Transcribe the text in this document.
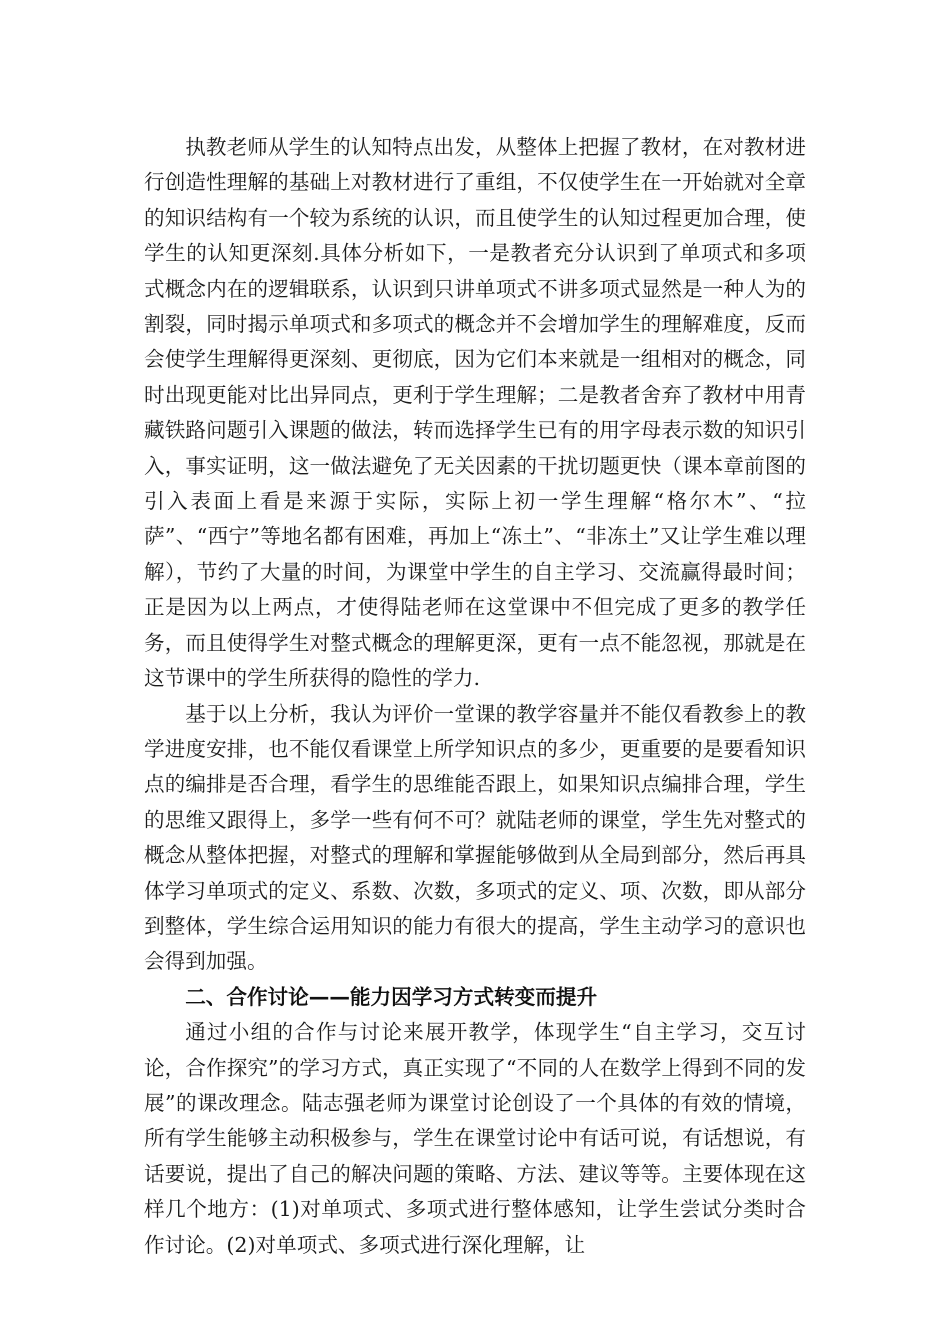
执教老师从学生的认知特点出发，从整体上把握了教材，在对教材进行创造性理解的基础上对教材进行了重组，不仅使学生在一开始就对全章的知识结构有一个较为系统的认识，而且使学生的认知过程更加合理，使学生的认知更深刻.具体分析如下，一是教者充分认识到了单项式和多项式概念内在的逻辑联系，认识到只讲单项式不讲多项式显然是一种人为的割裂，同时揭示单项式和多项式的概念并不会增加学生的理解难度，反而会使学生理解得更深刻、更彻底，因为它们本来就是一组相对的概念，同时出现更能对比出异同点，更利于学生理解；二是教者舍弃了教材中用青藏铁路问题引入课题的做法，转而选择学生已有的用字母表示数的知识引入，事实证明，这一做法避免了无关因素的干扰切题更快（课本章前图的引入表面上看是来源于实际，实际上初一学生理解“格尔木”、“拉萨”、“西宁”等地名都有困难，再加上“冻土”、“非冻土”又让学生难以理解），节约了大量的时间，为课堂中学生的自主学习、交流赢得最时间；正是因为以上两点，才使得陆老师在这堂课中不但完成了更多的教学任务，而且使得学生对整式概念的理解更深，更有一点不能忽视，那就是在这节课中的学生所获得的隐性的学力.

基于以上分析，我认为评价一堂课的教学容量并不能仅看教参上的教学进度安排，也不能仅看课堂上所学知识点的多少，更重要的是要看知识点的编排是否合理，看学生的思维能否跟上，如果知识点编排合理，学生的思维又跟得上，多学一些有何不可？就陆老师的课堂，学生先对整式的概念从整体把握，对整式的理解和掌握能够做到从全局到部分，然后再具体学习单项式的定义、系数、次数，多项式的定义、项、次数，即从部分到整体，学生综合运用知识的能力有很大的提高，学生主动学习的意识也会得到加强。

二、合作讨论——能力因学习方式转变而提升

通过小组的合作与讨论来展开教学，体现学生“自主学习，交互讨论，合作探究”的学习方式，真正实现了“不同的人在数学上得到不同的发展”的课改理念。陆志强老师为课堂讨论创设了一个具体的有效的情境，所有学生能够主动积极参与，学生在课堂讨论中有话可说，有话想说，有话要说，提出了自己的解决问题的策略、方法、建议等等。主要体现在这样几个地方：(1)对单项式、多项式进行整体感知，让学生尝试分类时合作讨论。(2)对单项式、多项式进行深化理解，让
